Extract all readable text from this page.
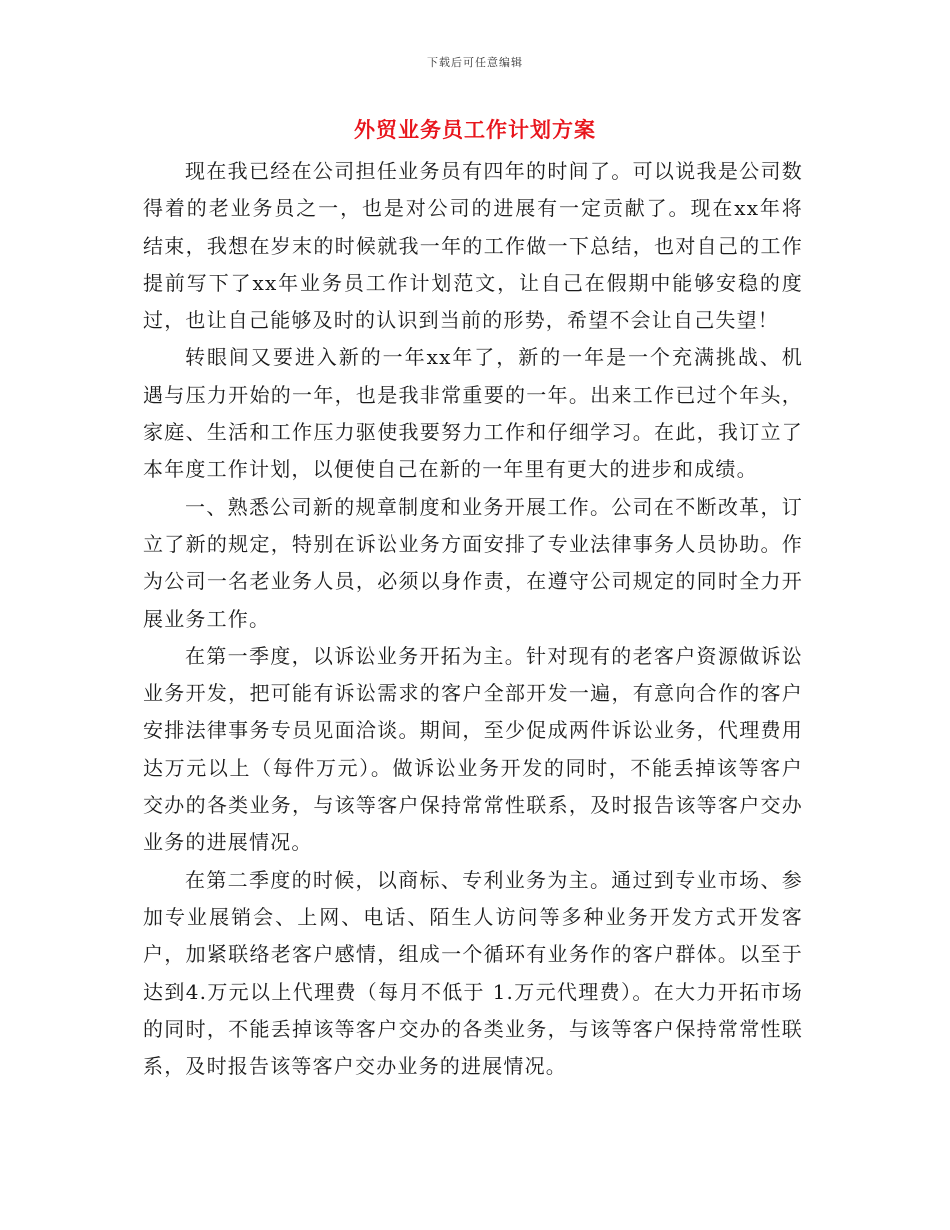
下载后可任意编辑
外贸业务员工作计划方案

现在我已经在公司担任业务员有四年的时间了。可以说我是公司数得着的老业务员之一，也是对公司的进展有一定贡献了。现在xx年将结束，我想在岁末的时候就我一年的工作做一下总结，也对自己的工作提前写下了xx年业务员工作计划范文，让自己在假期中能够安稳的度过，也让自己能够及时的认识到当前的形势，希望不会让自己失望！

转眼间又要进入新的一年xx年了，新的一年是一个充满挑战、机遇与压力开始的一年，也是我非常重要的一年。出来工作已过个年头，家庭、生活和工作压力驱使我要努力工作和仔细学习。在此，我订立了本年度工作计划，以便使自己在新的一年里有更大的进步和成绩。

一、熟悉公司新的规章制度和业务开展工作。公司在不断改革，订立了新的规定，特别在诉讼业务方面安排了专业法律事务人员协助。作为公司一名老业务人员，必须以身作责，在遵守公司规定的同时全力开展业务工作。

在第一季度，以诉讼业务开拓为主。针对现有的老客户资源做诉讼业务开发，把可能有诉讼需求的客户全部开发一遍，有意向合作的客户安排法律事务专员见面洽谈。期间，至少促成两件诉讼业务，代理费用达万元以上（每件万元）。做诉讼业务开发的同时，不能丢掉该等客户交办的各类业务，与该等客户保持常常性联系，及时报告该等客户交办业务的进展情况。

在第二季度的时候，以商标、专利业务为主。通过到专业市场、参加专业展销会、上网、电话、陌生人访问等多种业务开发方式开发客户，加紧联络老客户感情，组成一个循环有业务作的客户群体。以至于达到4.万元以上代理费（每月不低于 1.万元代理费）。在大力开拓市场的同时，不能丢掉该等客户交办的各类业务，与该等客户保持常常性联系，及时报告该等客户交办业务的进展情况。
